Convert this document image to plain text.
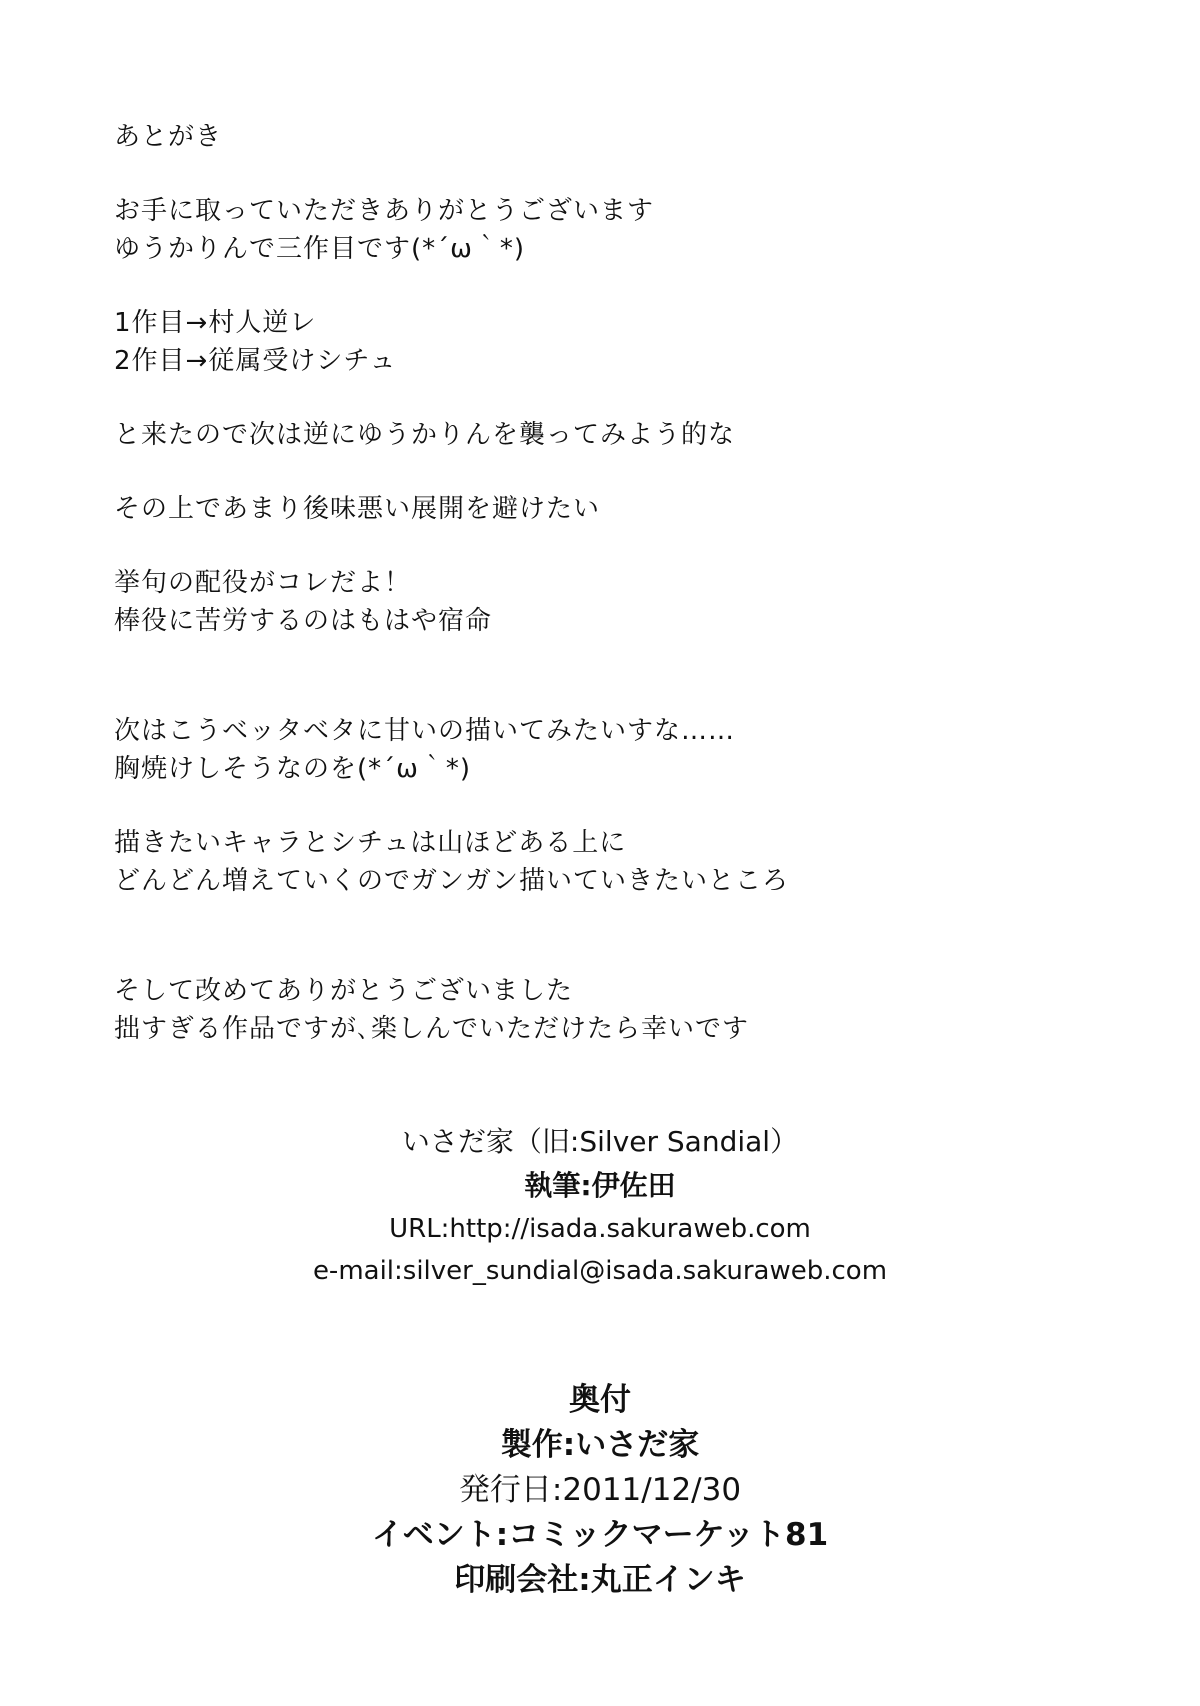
あとがき

お手に取っていただきありがとうございます

ゆうかりんで三作目です(*´ω｀*)

1作目→村人逆レ

2作目→従属受けシチュ

と来たので次は逆にゆうかりんを襲ってみよう的な

その上であまり後味悪い展開を避けたい

挙句の配役がコレだよ！

棒役に苦労するのはもはや宿命

次はこうベッタベタに甘いの描いてみたいすな……

胸焼けしそうなのを(*´ω｀*)

描きたいキャラとシチュは山ほどある上に

どんどん増えていくのでガンガン描いていきたいところ

そして改めてありがとうございました

拙すぎる作品ですが､楽しんでいただけたら幸いです

いさだ家（旧:Silver Sandial）

執筆:伊佐田

URL:http://isada.sakuraweb.com

e-mail:silver_sundial@isada.sakuraweb.com

奥付

製作:いさだ家

発行日:2011/12/30

イベント:コミックマーケット81

印刷会社:丸正インキ
